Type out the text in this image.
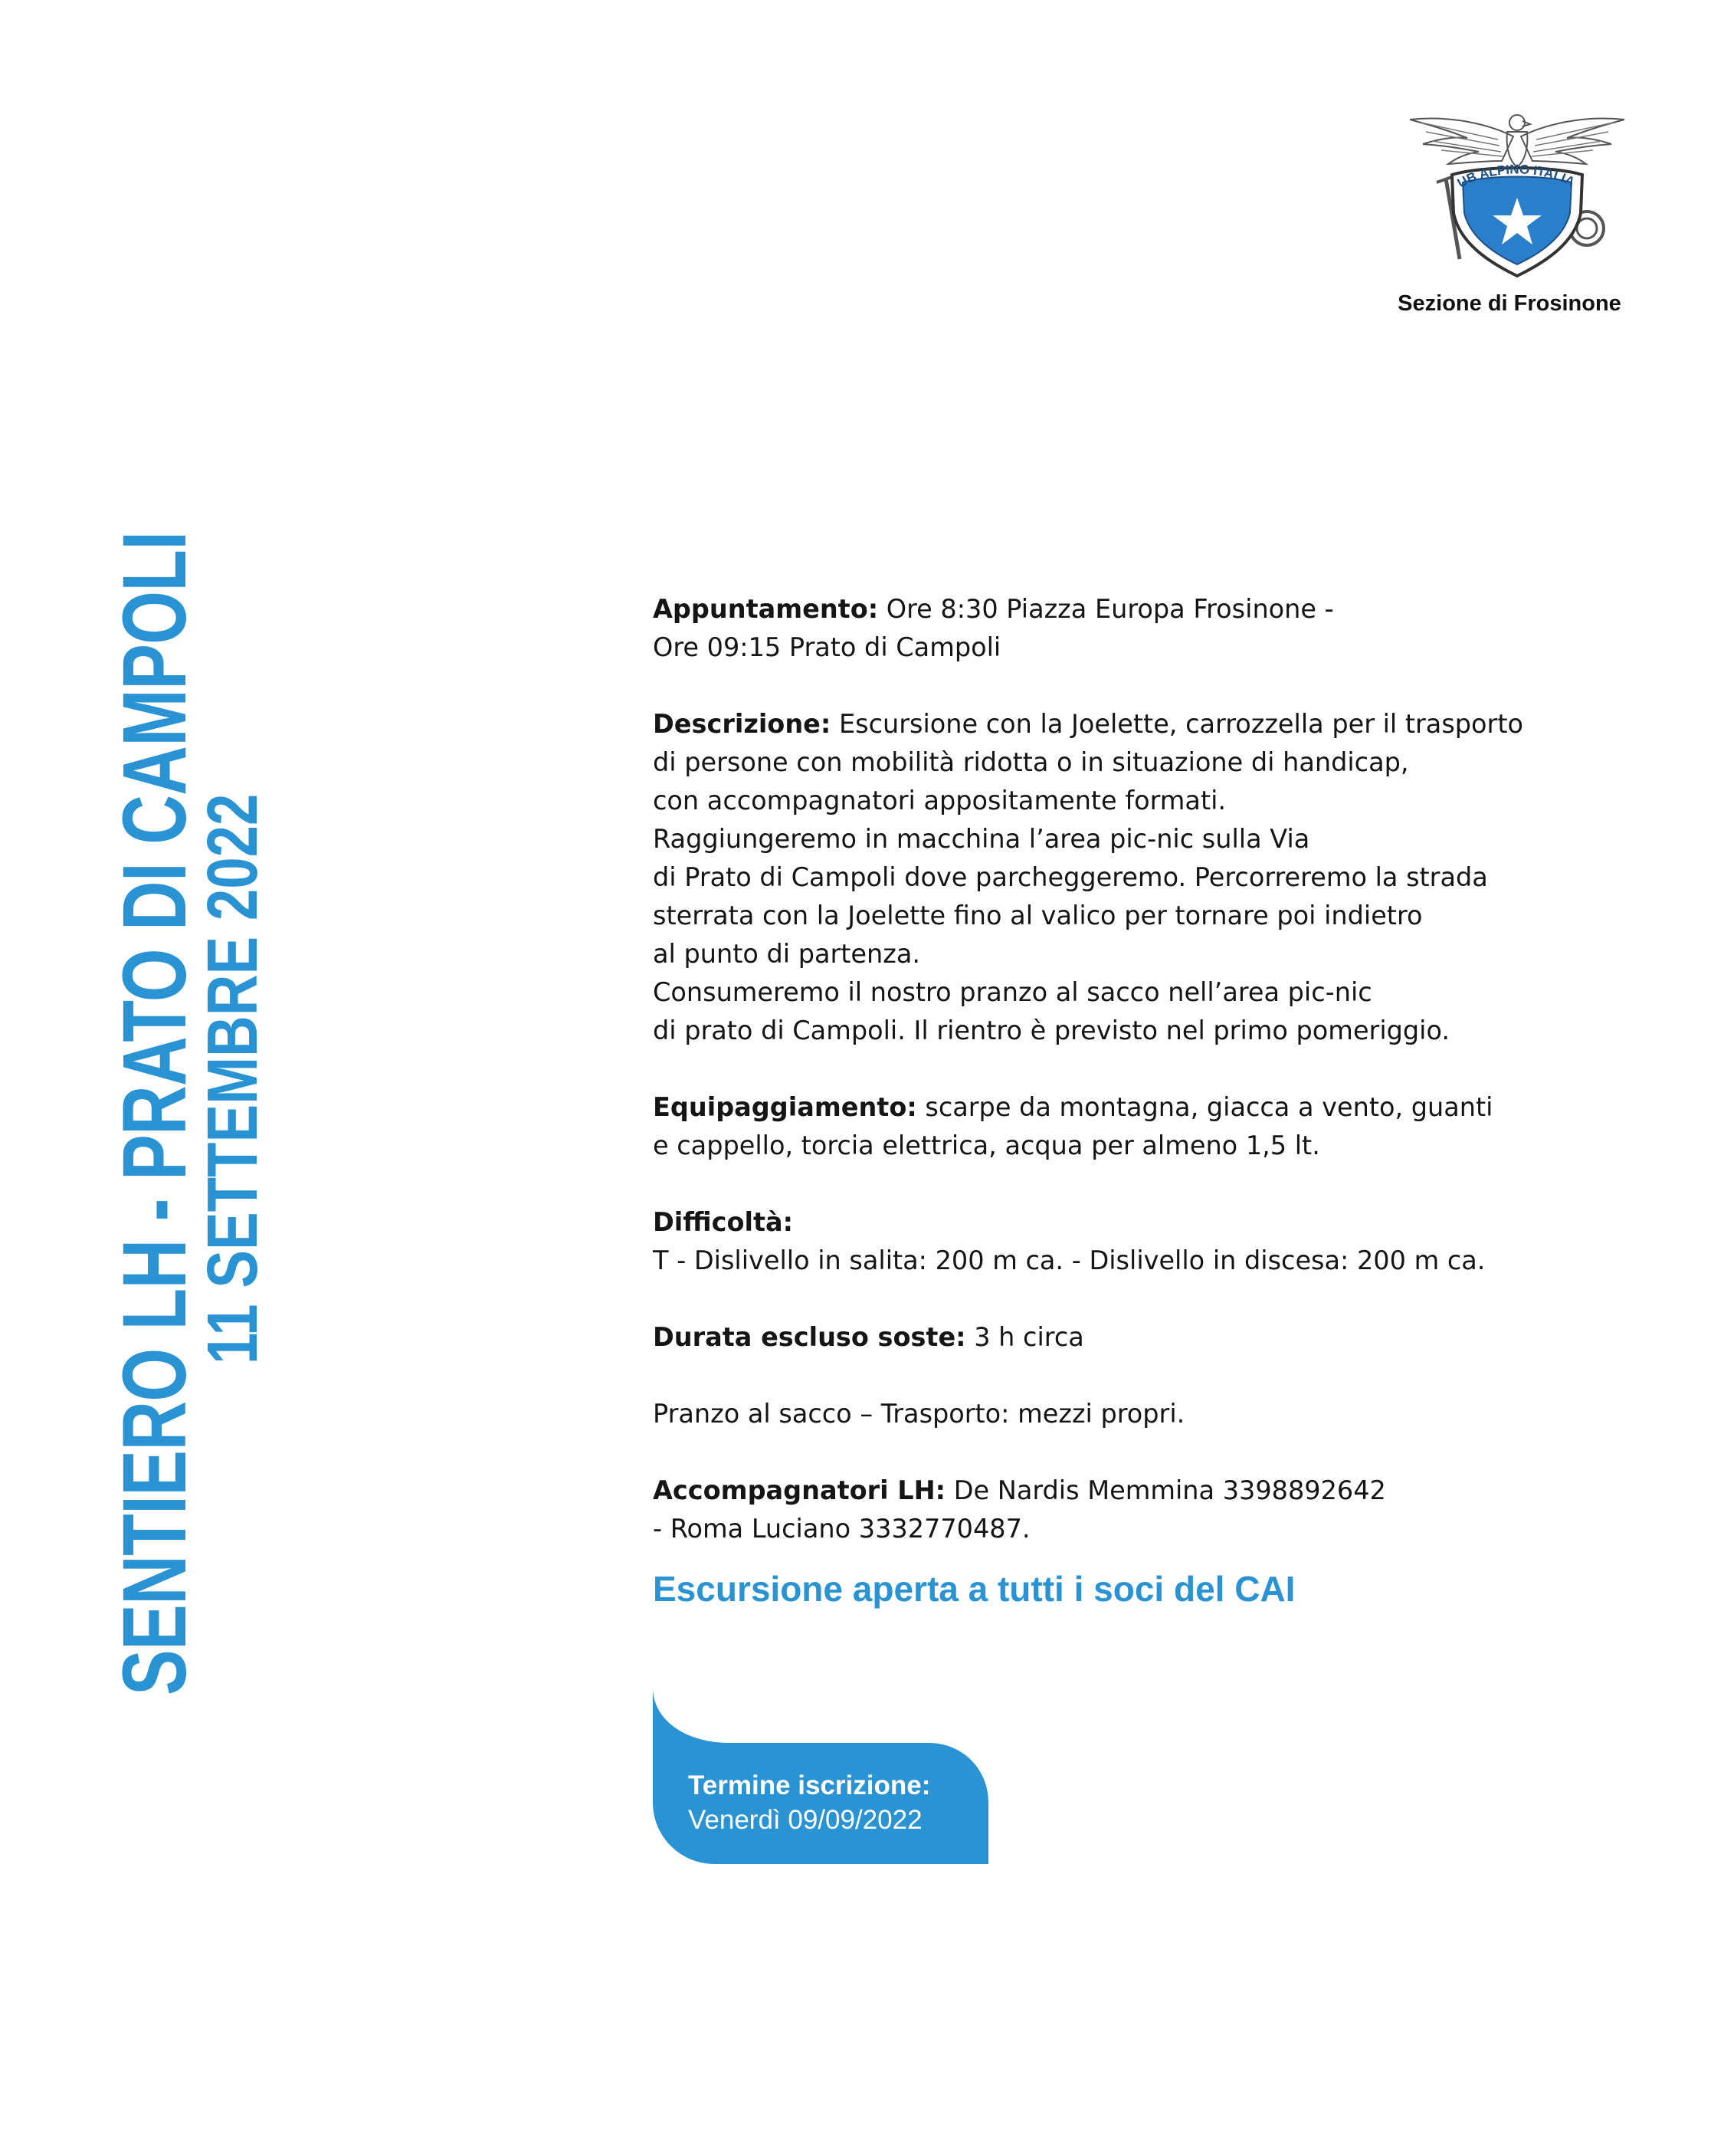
UB ALPINO ITALIA
Sezione di Frosinone
SENTIERO LH - PRATO DI CAMPOLI
11 SETTEMBRE 2022
Appuntamento: Ore 8:30 Piazza Europa Frosinone -
Ore 09:15 Prato di Campoli
Descrizione: Escursione con la Joelette, carrozzella per il trasporto
di persone con mobilità ridotta o in situazione di handicap,
con accompagnatori appositamente formati.
Raggiungeremo in macchina l’area pic-nic sulla Via
di Prato di Campoli dove parcheggeremo. Percorreremo la strada
sterrata con la Joelette fino al valico per tornare poi indietro
al punto di partenza.
Consumeremo il nostro pranzo al sacco nell’area pic-nic
di prato di Campoli. Il rientro è previsto nel primo pomeriggio.
Equipaggiamento: scarpe da montagna, giacca a vento, guanti
e cappello, torcia elettrica, acqua per almeno 1,5 lt.
Difficoltà:
T - Dislivello in salita: 200 m ca. - Dislivello in discesa: 200 m ca.
Durata escluso soste: 3 h circa
Pranzo al sacco – Trasporto: mezzi propri.
Accompagnatori LH: De Nardis Memmina 3398892642
- Roma Luciano 3332770487.
Escursione aperta a tutti i soci del CAI
Termine iscrizione:
Venerdì 09/09/2022
